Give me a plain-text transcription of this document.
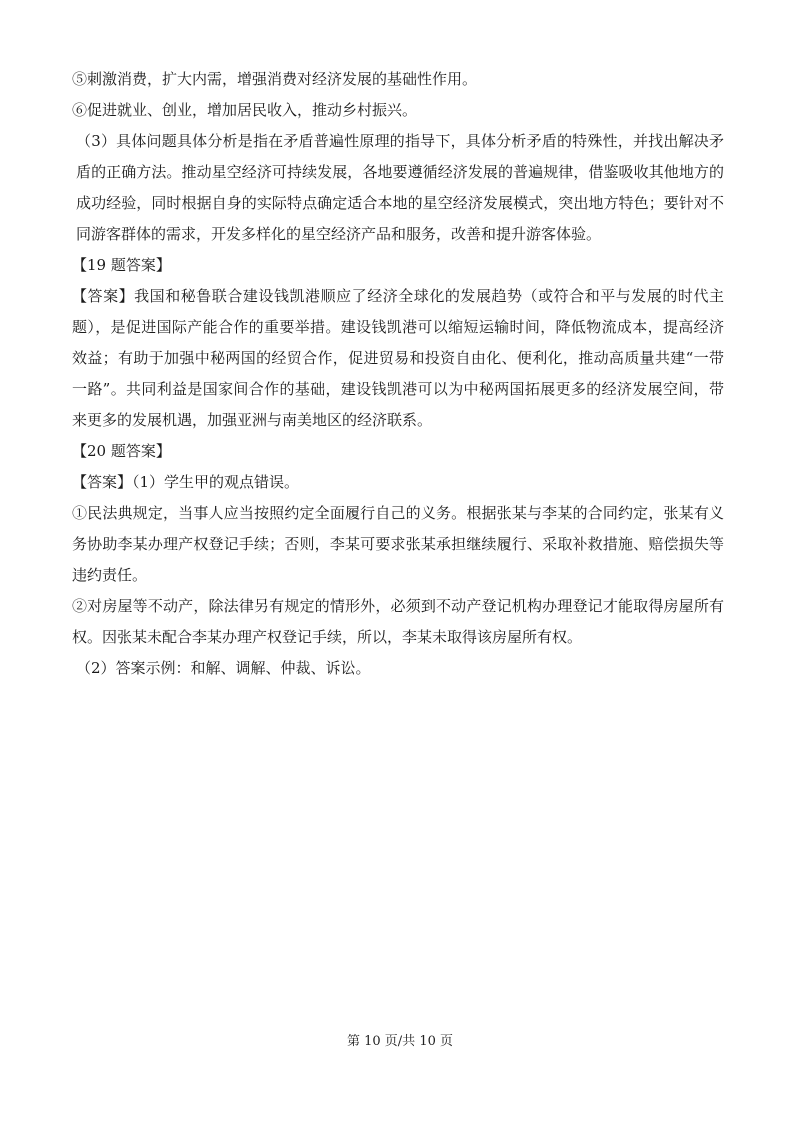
⑤刺激消费，扩大内需，增强消费对经济发展的基础性作用。

⑥促进就业、创业，增加居民收入，推动乡村振兴。

（3）具体问题具体分析是指在矛盾普遍性原理的指导下，具体分析矛盾的特殊性，并找出解决矛盾的正确方法。推动星空经济可持续发展，各地要遵循经济发展的普遍规律，借鉴吸收其他地方的成功经验，同时根据自身的实际特点确定适合本地的星空经济发展模式，突出地方特色；要针对不同游客群体的需求，开发多样化的星空经济产品和服务，改善和提升游客体验。

【19 题答案】

【答案】我国和秘鲁联合建设钱凯港顺应了经济全球化的发展趋势（或符合和平与发展的时代主题），是促进国际产能合作的重要举措。建设钱凯港可以缩短运输时间，降低物流成本，提高经济效益；有助于加强中秘两国的经贸合作，促进贸易和投资自由化、便利化，推动高质量共建“一带一路”。共同利益是国家间合作的基础，建设钱凯港可以为中秘两国拓展更多的经济发展空间，带来更多的发展机遇，加强亚洲与南美地区的经济联系。

【20 题答案】

【答案】（1）学生甲的观点错误。

①民法典规定，当事人应当按照约定全面履行自己的义务。根据张某与李某的合同约定，张某有义务协助李某办理产权登记手续；否则，李某可要求张某承担继续履行、采取补救措施、赔偿损失等违约责任。

②对房屋等不动产，除法律另有规定的情形外，必须到不动产登记机构办理登记才能取得房屋所有权。因张某未配合李某办理产权登记手续，所以，李某未取得该房屋所有权。

（2）答案示例：和解、调解、仲裁、诉讼。

第 10 页/共 10 页
